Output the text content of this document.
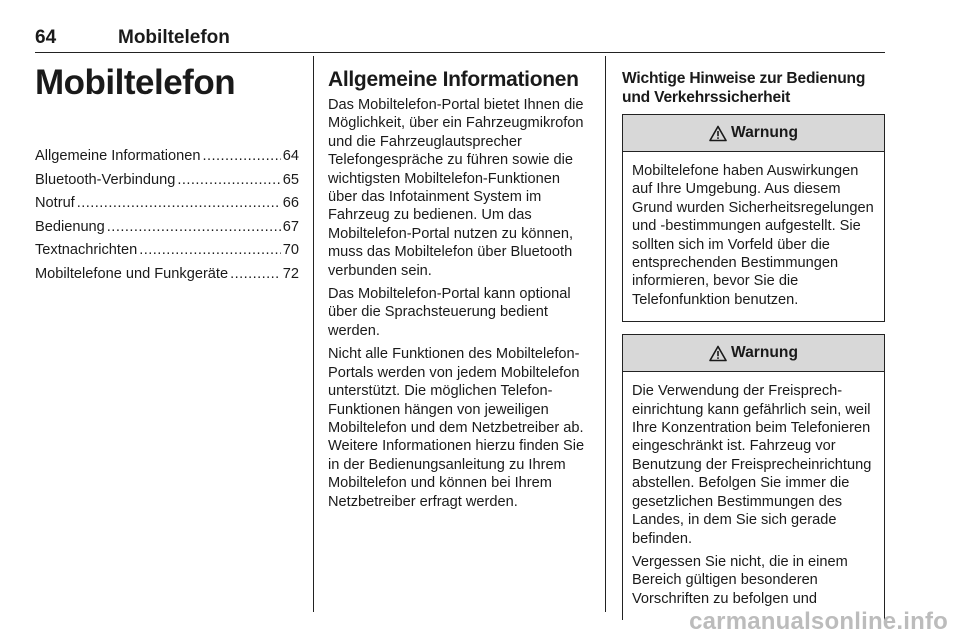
64	Mobiltelefon
Mobiltelefon
Allgemeine Informationen . . .	64
Bluetooth-Verbindung . . .	65
Notruf . . .	66
Bedienung . . .	67
Textnachrichten . . .	70
Mobiltelefone und Funkgeräte . . .	72
Allgemeine Informationen

Das Mobiltelefon-Portal bietet Ihnen die Möglichkeit, über ein Fahrzeugmikrofon und die Fahrzeuglautsprecher Telefongespräche zu führen sowie die wichtigsten Mobiltelefon-Funktionen über das Infotainment System im Fahrzeug zu bedienen. Um das Mobiltelefon-Portal nutzen zu können, muss das Mobiltelefon über Bluetooth verbunden sein.

Das Mobiltelefon-Portal kann optional über die Sprachsteuerung bedient werden.

Nicht alle Funktionen des Mobiltelefon-Portals werden von jedem Mobiltelefon unterstützt. Die möglichen Telefon-Funktionen hängen von jeweiligen Mobiltelefon und dem Netzbetreiber ab. Weitere Informationen hierzu finden Sie in der Bedienungsanleitung zu Ihrem Mobiltelefon und können bei Ihrem Netzbetreiber erfragt werden.

Wichtige Hinweise zur Bedienung und Verkehrssicherheit
Warnung

Mobiltelefone haben Auswirkungen auf Ihre Umgebung. Aus diesem Grund wurden Sicherheitsregelungen und -bestimmungen aufgestellt. Sie sollten sich im Vorfeld über die entsprechenden Bestimmungen informieren, bevor Sie die Telefonfunktion benutzen.

Warnung

Die Verwendung der Freisprecheinrichtung kann gefährlich sein, weil Ihre Konzentration beim Telefonieren eingeschränkt ist. Fahrzeug vor Benutzung der Freisprecheinrichtung abstellen. Befolgen Sie immer die gesetzlichen Bestimmungen des Landes, in dem Sie sich gerade befinden.

Vergessen Sie nicht, die in einem Bereich gültigen besonderen Vorschriften zu befolgen und

carmanualsonline.info
